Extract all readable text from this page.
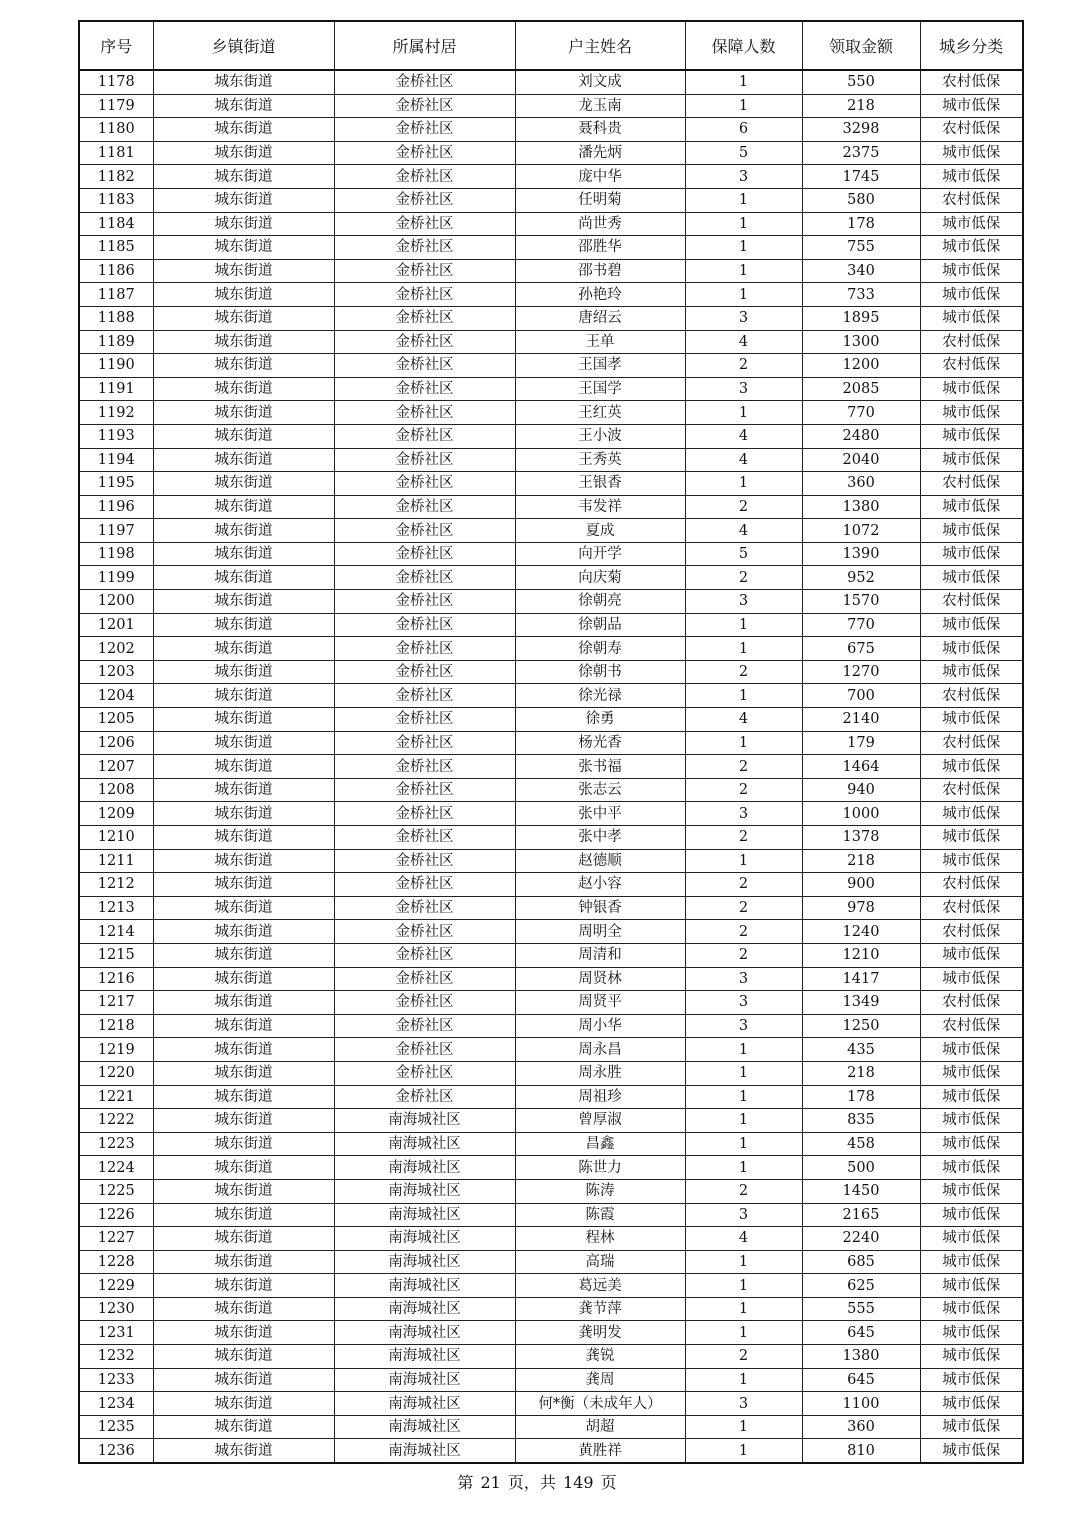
序号	乡镇街道	所属村居	户主姓名	保障人数	领取金额	城乡分类
1178	城东街道	金桥社区	刘文成	1	550	农村低保
1179	城东街道	金桥社区	龙玉南	1	218	城市低保
1180	城东街道	金桥社区	聂科贵	6	3298	农村低保
1181	城东街道	金桥社区	潘先炳	5	2375	城市低保
1182	城东街道	金桥社区	庞中华	3	1745	城市低保
1183	城东街道	金桥社区	任明菊	1	580	农村低保
1184	城东街道	金桥社区	尚世秀	1	178	城市低保
1185	城东街道	金桥社区	邵胜华	1	755	城市低保
1186	城东街道	金桥社区	邵书碧	1	340	城市低保
1187	城东街道	金桥社区	孙艳玲	1	733	城市低保
1188	城东街道	金桥社区	唐绍云	3	1895	城市低保
1189	城东街道	金桥社区	王单	4	1300	农村低保
1190	城东街道	金桥社区	王国孝	2	1200	农村低保
1191	城东街道	金桥社区	王国学	3	2085	城市低保
1192	城东街道	金桥社区	王红英	1	770	城市低保
1193	城东街道	金桥社区	王小波	4	2480	城市低保
1194	城东街道	金桥社区	王秀英	4	2040	城市低保
1195	城东街道	金桥社区	王银香	1	360	农村低保
1196	城东街道	金桥社区	韦发祥	2	1380	城市低保
1197	城东街道	金桥社区	夏成	4	1072	城市低保
1198	城东街道	金桥社区	向开学	5	1390	城市低保
1199	城东街道	金桥社区	向庆菊	2	952	城市低保
1200	城东街道	金桥社区	徐朝亮	3	1570	农村低保
1201	城东街道	金桥社区	徐朝品	1	770	城市低保
1202	城东街道	金桥社区	徐朝寿	1	675	城市低保
1203	城东街道	金桥社区	徐朝书	2	1270	城市低保
1204	城东街道	金桥社区	徐光禄	1	700	农村低保
1205	城东街道	金桥社区	徐勇	4	2140	城市低保
1206	城东街道	金桥社区	杨光香	1	179	农村低保
1207	城东街道	金桥社区	张书福	2	1464	城市低保
1208	城东街道	金桥社区	张志云	2	940	农村低保
1209	城东街道	金桥社区	张中平	3	1000	城市低保
1210	城东街道	金桥社区	张中孝	2	1378	城市低保
1211	城东街道	金桥社区	赵德顺	1	218	城市低保
1212	城东街道	金桥社区	赵小容	2	900	农村低保
1213	城东街道	金桥社区	钟银香	2	978	农村低保
1214	城东街道	金桥社区	周明全	2	1240	农村低保
1215	城东街道	金桥社区	周清和	2	1210	城市低保
1216	城东街道	金桥社区	周贤林	3	1417	城市低保
1217	城东街道	金桥社区	周贤平	3	1349	农村低保
1218	城东街道	金桥社区	周小华	3	1250	农村低保
1219	城东街道	金桥社区	周永昌	1	435	城市低保
1220	城东街道	金桥社区	周永胜	1	218	城市低保
1221	城东街道	金桥社区	周祖珍	1	178	城市低保
1222	城东街道	南海城社区	曾厚淑	1	835	城市低保
1223	城东街道	南海城社区	昌鑫	1	458	城市低保
1224	城东街道	南海城社区	陈世力	1	500	城市低保
1225	城东街道	南海城社区	陈涛	2	1450	城市低保
1226	城东街道	南海城社区	陈霞	3	2165	城市低保
1227	城东街道	南海城社区	程林	4	2240	城市低保
1228	城东街道	南海城社区	高瑞	1	685	城市低保
1229	城东街道	南海城社区	葛远美	1	625	城市低保
1230	城东街道	南海城社区	龚节萍	1	555	城市低保
1231	城东街道	南海城社区	龚明发	1	645	城市低保
1232	城东街道	南海城社区	龚锐	2	1380	城市低保
1233	城东街道	南海城社区	龚周	1	645	城市低保
1234	城东街道	南海城社区	何*衡（未成年人）	3	1100	城市低保
1235	城东街道	南海城社区	胡超	1	360	城市低保
1236	城东街道	南海城社区	黄胜祥	1	810	城市低保
第 21 页，共 149 页
